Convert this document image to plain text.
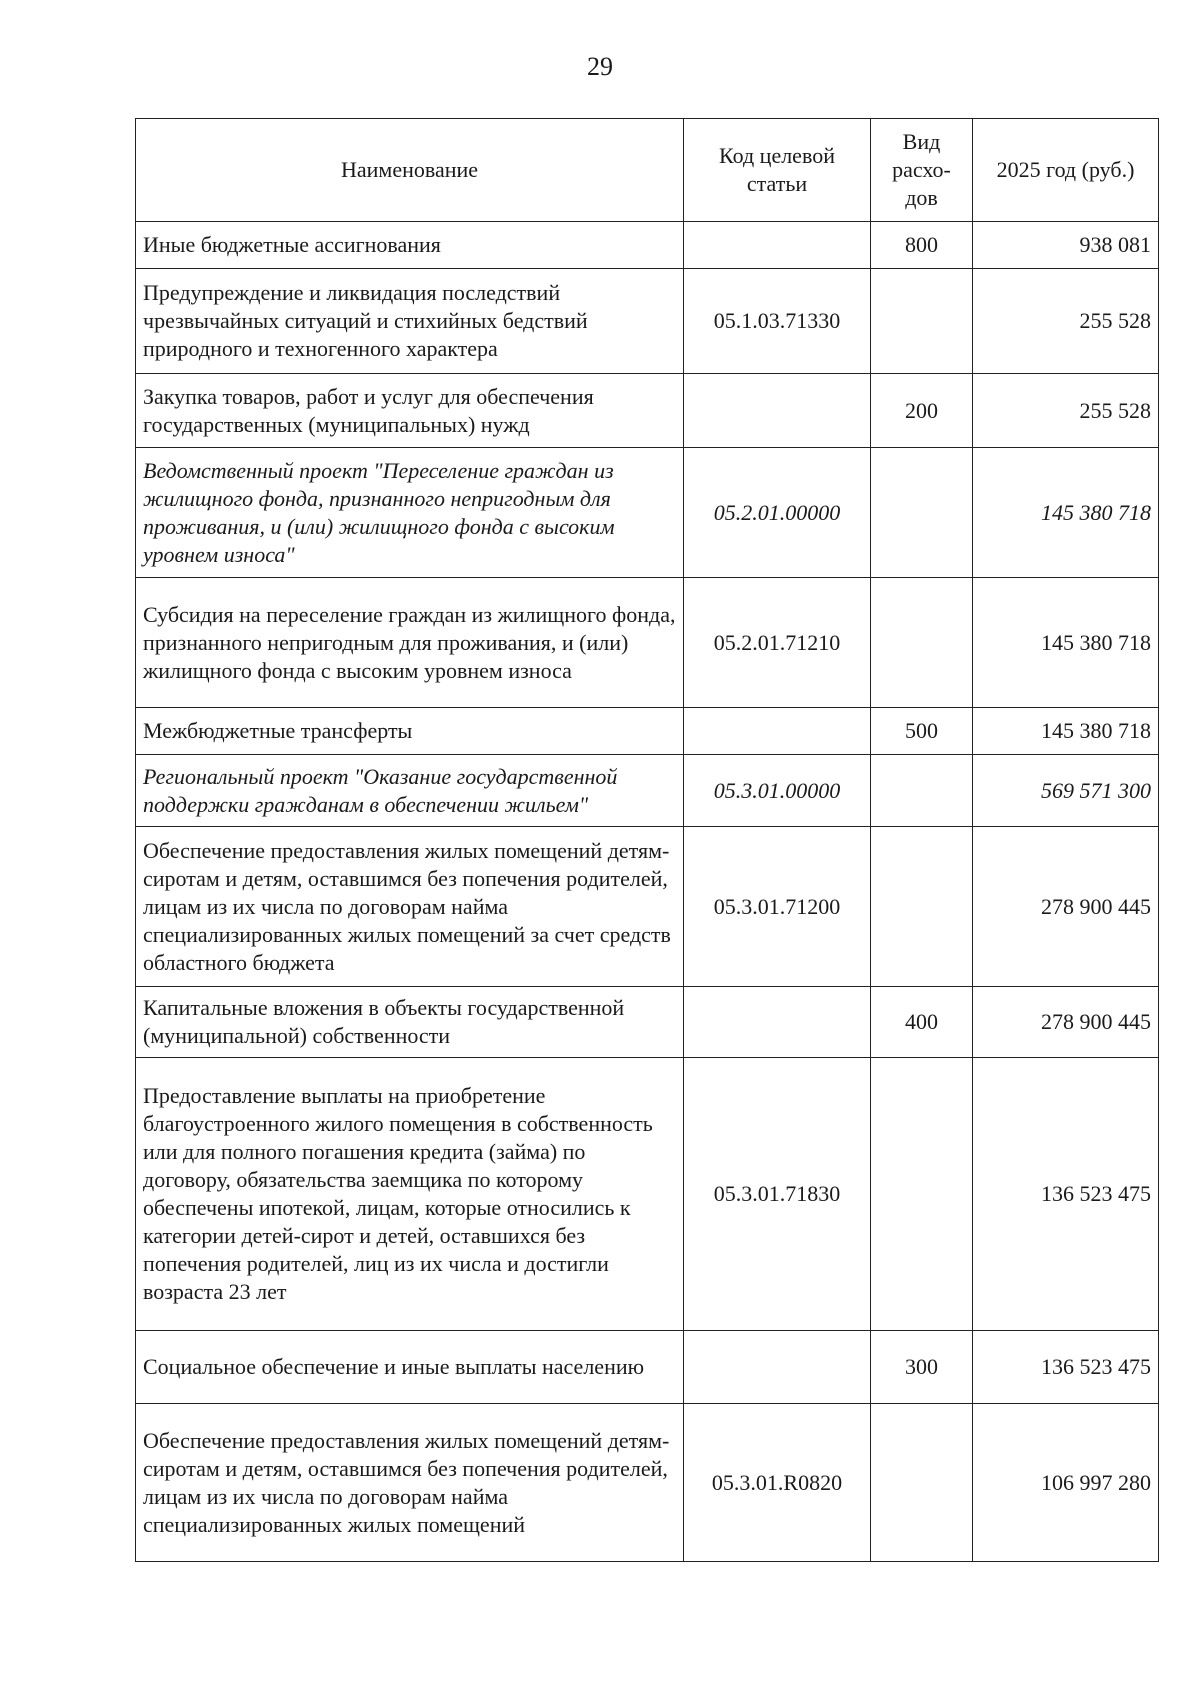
29
Наименование	Код целевой статьи	Вид расхо-дов	2025 год (руб.)
Иные бюджетные ассигнования		800	938 081
Предупреждение и ликвидация последствий чрезвычайных ситуаций и стихийных бедствий природного и техногенного характера	05.1.03.71330		255 528
Закупка товаров, работ и услуг для обеспечения государственных (муниципальных) нужд		200	255 528
Ведомственный проект "Переселение граждан из жилищного фонда, признанного непригодным для проживания, и (или) жилищного фонда с высоким уровнем износа"	05.2.01.00000		145 380 718
Субсидия на переселение граждан из жилищного фонда, признанного непригодным для проживания, и (или) жилищного фонда с высоким уровнем износа	05.2.01.71210		145 380 718
Межбюджетные трансферты		500	145 380 718
Региональный проект "Оказание государственной поддержки гражданам в обеспечении жильем"	05.3.01.00000		569 571 300
Обеспечение предоставления жилых помещений детям-сиротам и детям, оставшимся без попечения родителей, лицам из их числа по договорам найма специализированных жилых помещений за счет средств областного бюджета	05.3.01.71200		278 900 445
Капитальные вложения в объекты государственной (муниципальной) собственности		400	278 900 445
Предоставление выплаты на приобретение благоустроенного жилого помещения в собственность или для полного погашения кредита (займа) по договору, обязательства заемщика по которому обеспечены ипотекой, лицам, которые относились к категории детей-сирот и детей, оставшихся без попечения родителей, лиц из их числа и достигли возраста 23 лет	05.3.01.71830		136 523 475
Социальное обеспечение и иные выплаты населению		300	136 523 475
Обеспечение предоставления жилых помещений детям-сиротам и детям, оставшимся без попечения родителей, лицам из их числа по договорам найма специализированных жилых помещений	05.3.01.R0820		106 997 280
